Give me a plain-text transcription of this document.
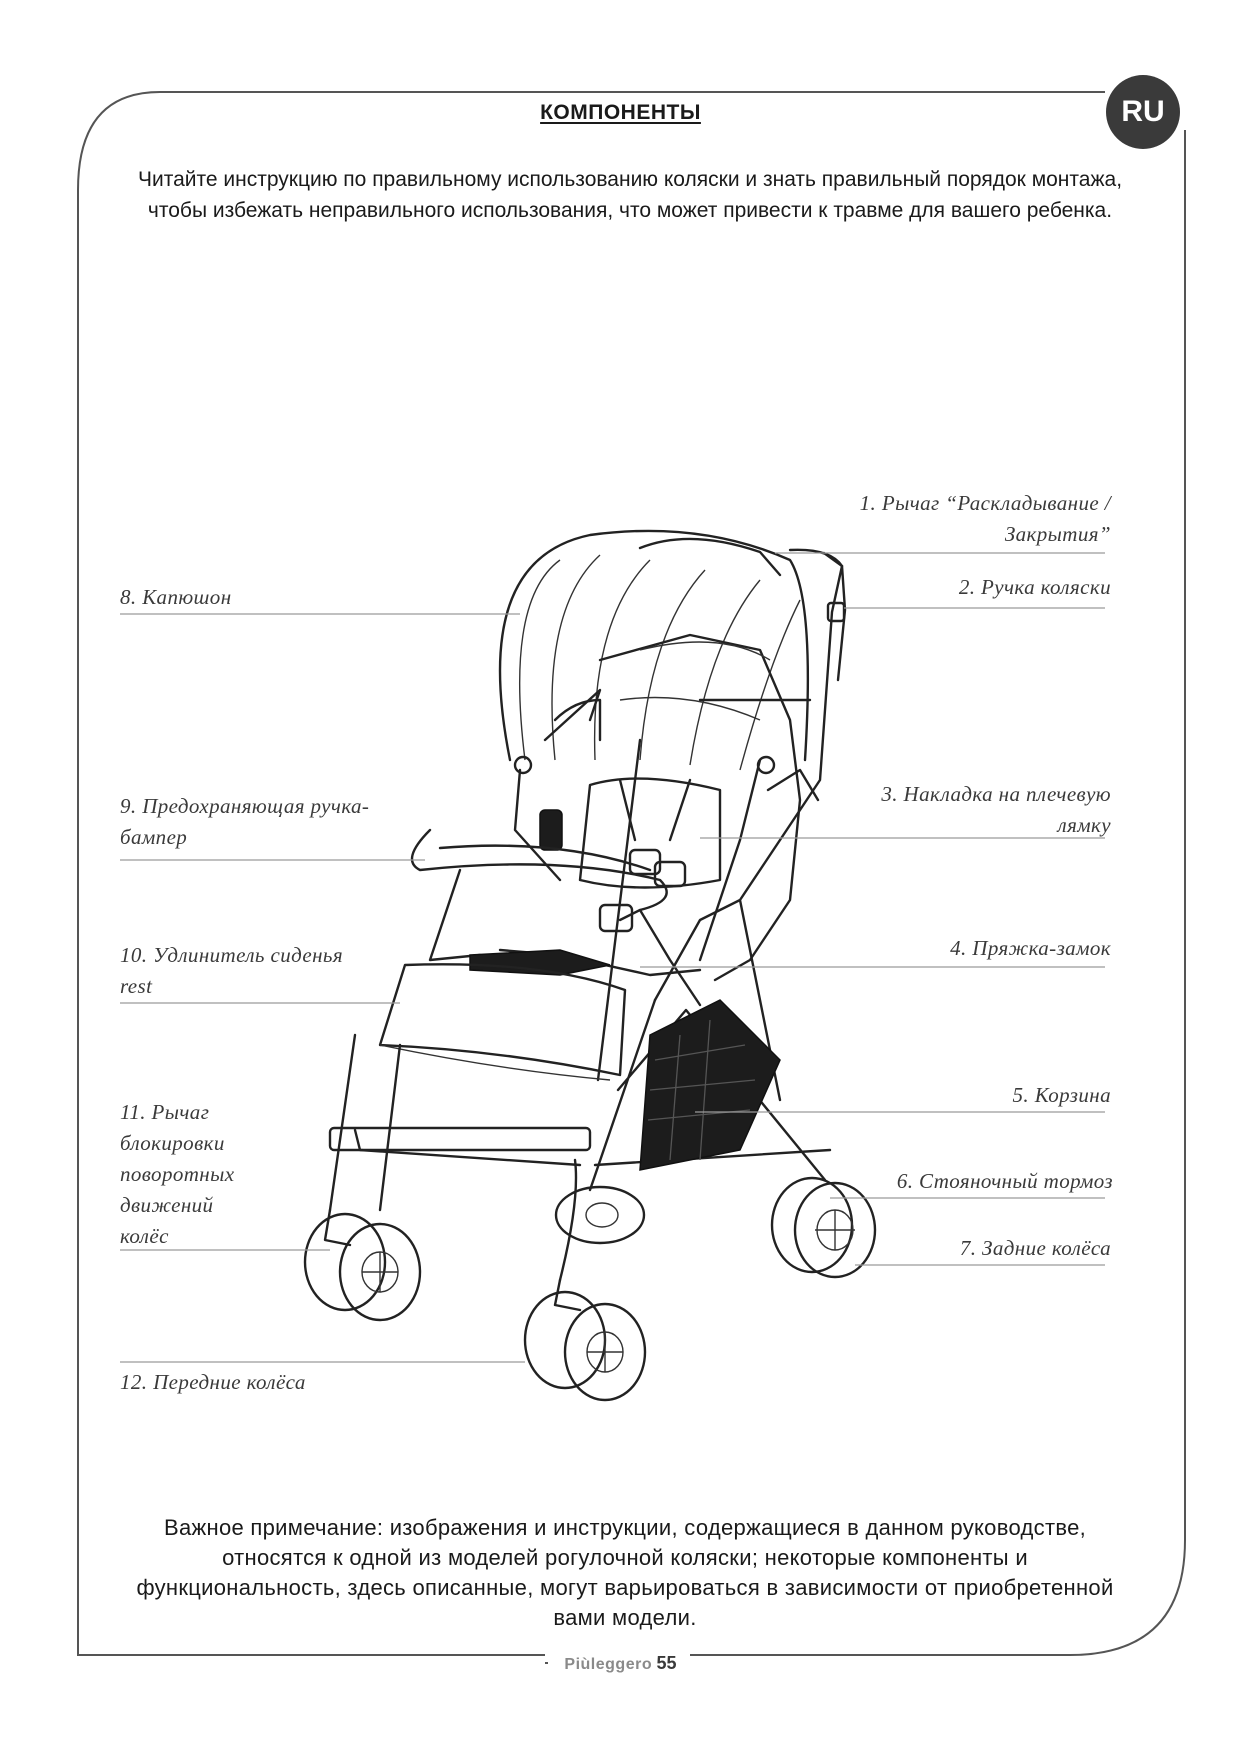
RU
КОМПОНЕНТЫ
Читайте инструкцию по правильному использованию коляски и знать правильный порядок монтажа,
чтобы избежать неправильного использования, что может привести к травме для вашего ребенка.
1. Рычаг “Раскладывание /
Закрытия”
2. Ручка коляски
3. Накладка на плечевую
лямку
4. Пряжка-замок
5. Корзина
6. Стояночный тормоз
7. Задние колёса
8. Капюшон
9. Предохраняющая ручка-
бампер
10. Удлинитель сиденья
rest
11. Рычаг
блокировки
поворотных
движений
колёс
12. Передние колёса
Важное примечание: изображения и инструкции, содержащиеся в данном руководстве,
относятся к одной из моделей рогулочной коляски; некоторые компоненты и
функциональность, здесь описанные, могут варьироваться в зависимости от приобретенной
вами модели.
Piùleggero 55
